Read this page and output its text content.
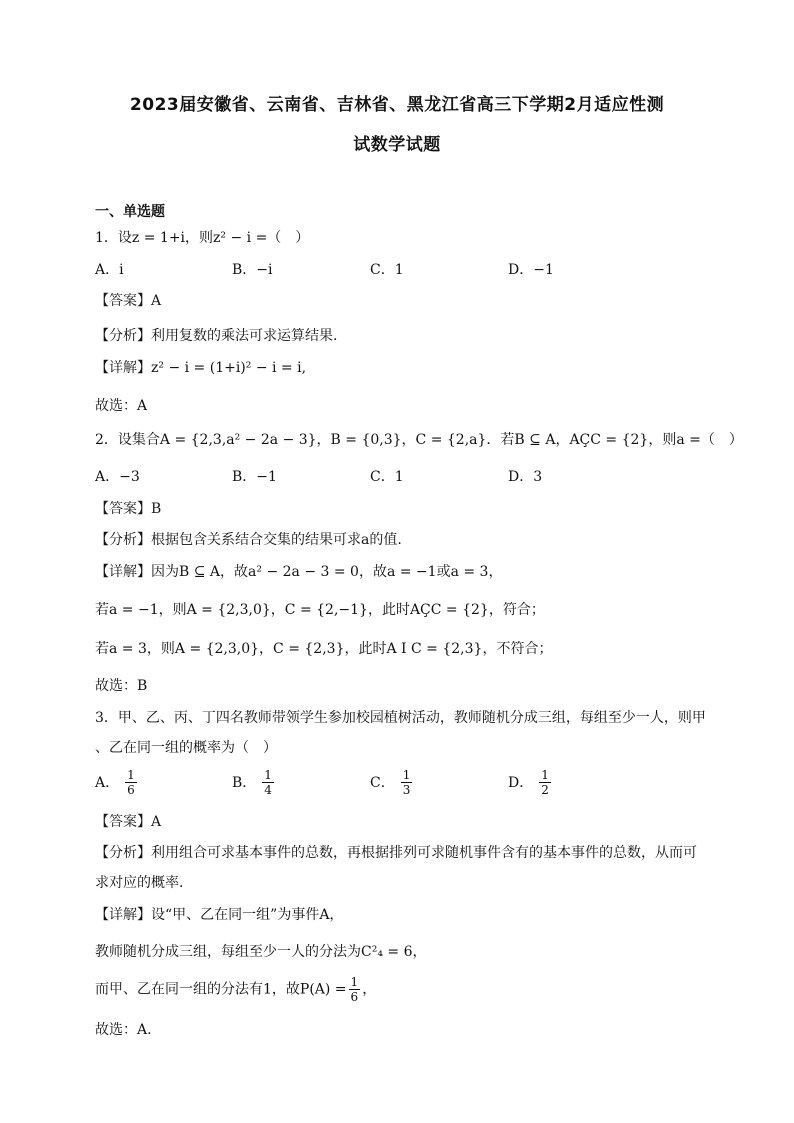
2023届安徽省、云南省、吉林省、黑龙江省高三下学期2月适应性测
试数学试题
一、单选题
1．设z = 1+i，则z² − i =（　）
A．i	B．−i	C．1	D．−1
【答案】A
【分析】利用复数的乘法可求运算结果.
【详解】z² − i = (1+i)² − i = i,
故选：A
2．设集合A = {2,3,a² − 2a − 3}，B = {0,3}，C = {2,a}．若B ⊆ A，AÇC = {2}，则a =（　）
A．−3	B．−1	C．1	D．3
【答案】B
【分析】根据包含关系结合交集的结果可求a的值.
【详解】因为B ⊆ A，故a² − 2a − 3 = 0，故a = −1或a = 3，
若a = −1，则A = {2,3,0}，C = {2,−1}，此时AÇC = {2}，符合；
若a = 3，则A = {2,3,0}，C = {2,3}，此时A I C = {2,3}，不符合；
故选：B
3．甲、乙、丙、丁四名教师带领学生参加校园植树活动，教师随机分成三组，每组至少一人，则甲
、乙在同一组的概率为（　）
A． $\frac{1}{6}$	B． $\frac{1}{4}$	C． $\frac{1}{3}$	D． $\frac{1}{2}$
【答案】A
【分析】利用组合可求基本事件的总数，再根据排列可求随机事件含有的基本事件的总数，从而可
求对应的概率.
【详解】设“甲、乙在同一组”为事件A，
教师随机分成三组，每组至少一人的分法为C²₄ = 6，
而甲、乙在同一组的分法有1，故$P(A) = \frac{1}{6}$ ，
故选：A.
